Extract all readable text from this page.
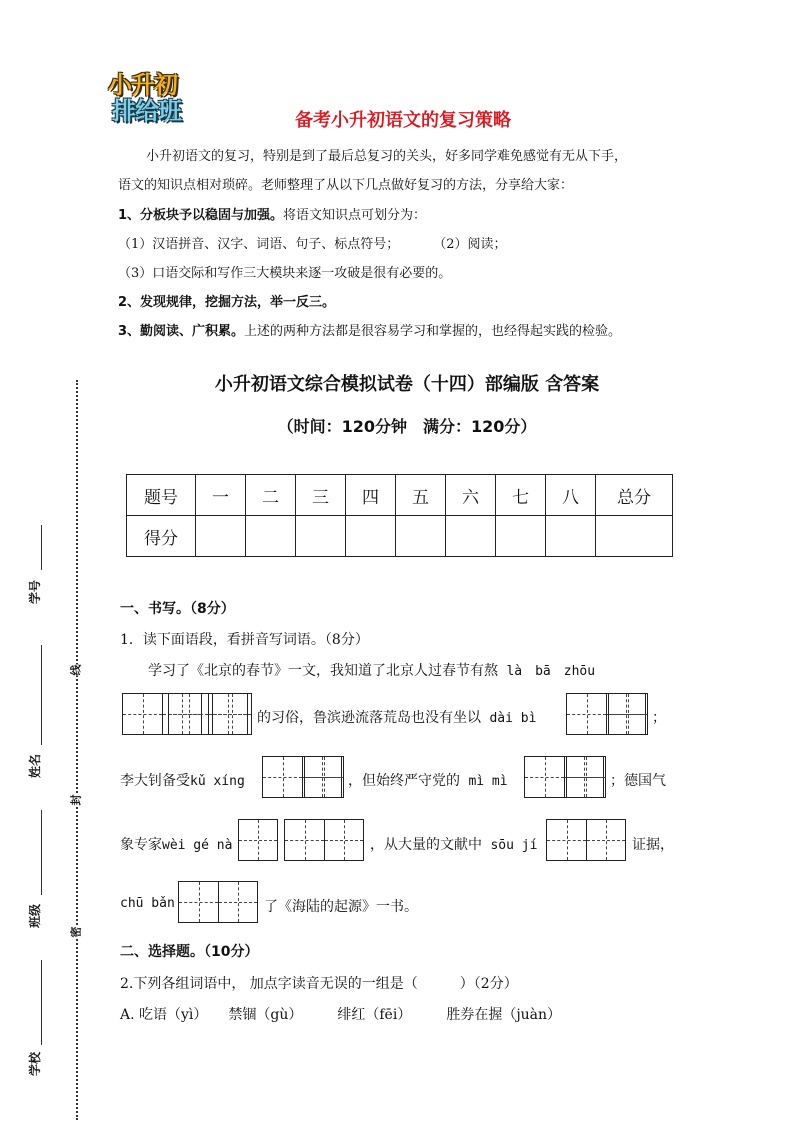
小升初
排给班	备考小升初语文的复习策略
小升初语文的复习，特别是到了最后总复习的关头，好多同学难免感觉有无从下手，
语文的知识点相对琐碎。老师整理了从以下几点做好复习的方法，分享给大家：
1、分板块予以稳固与加强。将语文知识点可划分为：
（1）汉语拼音、汉字、词语、句子、标点符号；	（2）阅读；
（3）口语交际和写作三大模块来逐一攻破是很有必要的。
2、发现规律，挖掘方法，举一反三。
3、勤阅读、广积累。上述的两种方法都是很容易学习和掌握的，也经得起实践的检验。
小升初语文综合模拟试卷（十四）部编版 含答案
（时间：120分钟　满分：120分）
题号	一	二	三	四	五	六	七	八	总分
得分									
一、书写。（8分）
1．读下面语段，看拼音写词语。（8分）
学习了《北京的春节》一文，我知道了北京人过春节有熬 là　bā　zhōu
的习俗，鲁滨逊流落荒岛也没有坐以 dài bì	；
李大钊备受kǔ xíng	，但始终严守党的 mì mì	；德国气
象专家wèi gé nà	，从大量的文献中 sōu jí	证据，
chū bǎn	了《海陆的起源》一书。
二、选择题。（10分）
2.下列各组词语中， 加点字读音无误的一组是（　　　）（2分）
A. 吃语（yì）　　禁锢（gù）　　　绯红（fēi）　　　胜券在握（juàn）
线
封
密
学号
姓名
班级
学校
